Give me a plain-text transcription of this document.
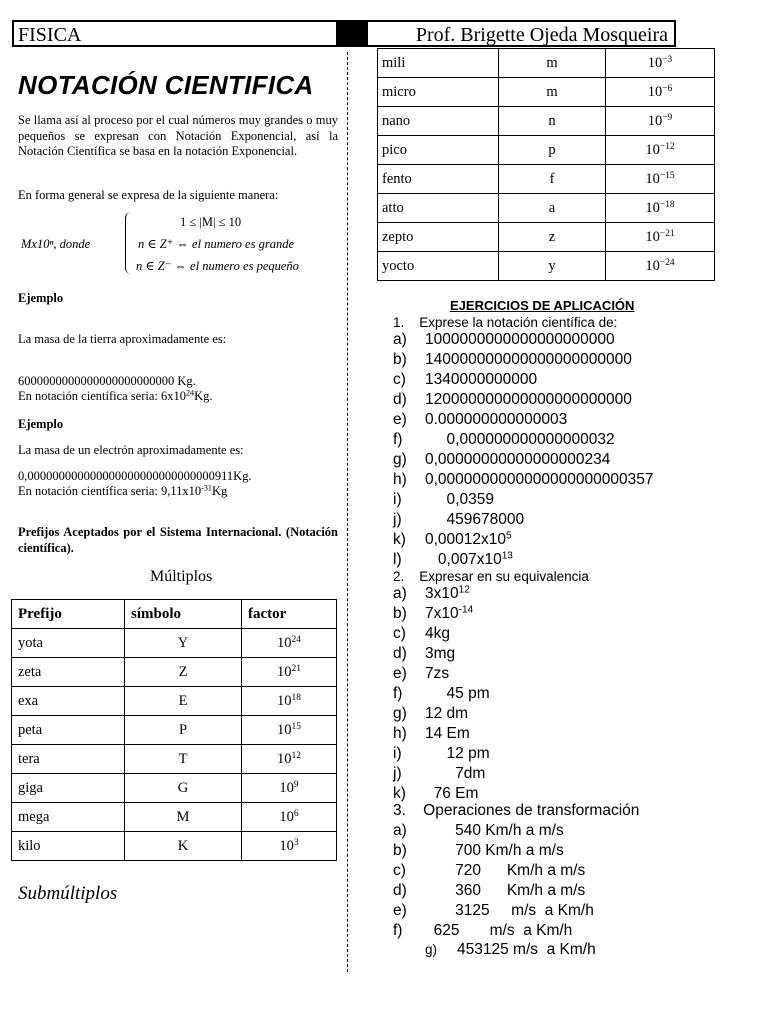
FISICA	Prof. Brigette Ojeda Mosqueira
NOTACIÓN CIENTIFICA
Se llama así al proceso por el cual números muy grandes o muy pequeños se expresan con Notación Exponencial, así la Notación Científica se basa en la notación Exponencial.
En forma general se expresa de la siguiente manera:
Mx10ⁿ, donde
1 ≤ |M| ≤ 10
n ∈ Z⁺ ⇔ el numero es grande
n ∈ Z⁻ ⇔ el numero es pequeño
Ejemplo
La masa de la tierra aproximadamente es:
6000000000000000000000000 Kg.
En notación científica seria: $6x10^{24}Kg$.
Ejemplo
La masa de un electrón aproximadamente es:
0,000000000000000000000000000000911Kg.
En notación científica seria: $9,11x10^{-31}Kg$
Prefijos Aceptados por el Sistema Internacional. (Notación científica).
Múltiplos
Prefijo	símbolo	factor
yota	Y	$10^{24}$
zeta	Z	$10^{21}$
exa	E	$10^{18}$
peta	P	$10^{15}$
tera	T	$10^{12}$
giga	G	$10^9$
mega	M	$10^6$
kilo	K	$10^3$
Submúltiplos
mili	m	$10^{-3}$
micro	m	$10^{-6}$
nano	n	$10^{-9}$
pico	p	$10^{-12}$
fento	f	$10^{-15}$
atto	a	$10^{-18}$
zepto	z	$10^{-21}$
yocto	y	$10^{-24}$
EJERCICIOS DE APLICACIÓN
1.    Exprese la notación científica de:
a) 1000000000000000000000
b) 140000000000000000000000
c) 1340000000000
d) 120000000000000000000000
e) 0.000000000000003
f)     0,000000000000000032
g) 0,00000000000000000234
h) 0,0000000000000000000000357
i)     0,0359
j)     459678000
k) $0,00012x10^5$
l)   $0,007x10^{13}$
2.    Expresar en su equivalencia
a) $3x10^{12}$
b) $7x10^{-14}$
c) 4kg
d) 3mg
e) 7zs
f)     45 pm
g) 12 dm
h) 14 Em
i)     12 pm
j)       7dm
k)  76 Em
3.    Operaciones de transformación
a)       540 Km/h a m/s
b)       700 Km/h a m/s
c)       720      Km/h a m/s
d)       360      Km/h a m/s
e)       3125     m/s  a Km/h
f)  625       m/s  a Km/h
g) 453125 m/s  a Km/h
